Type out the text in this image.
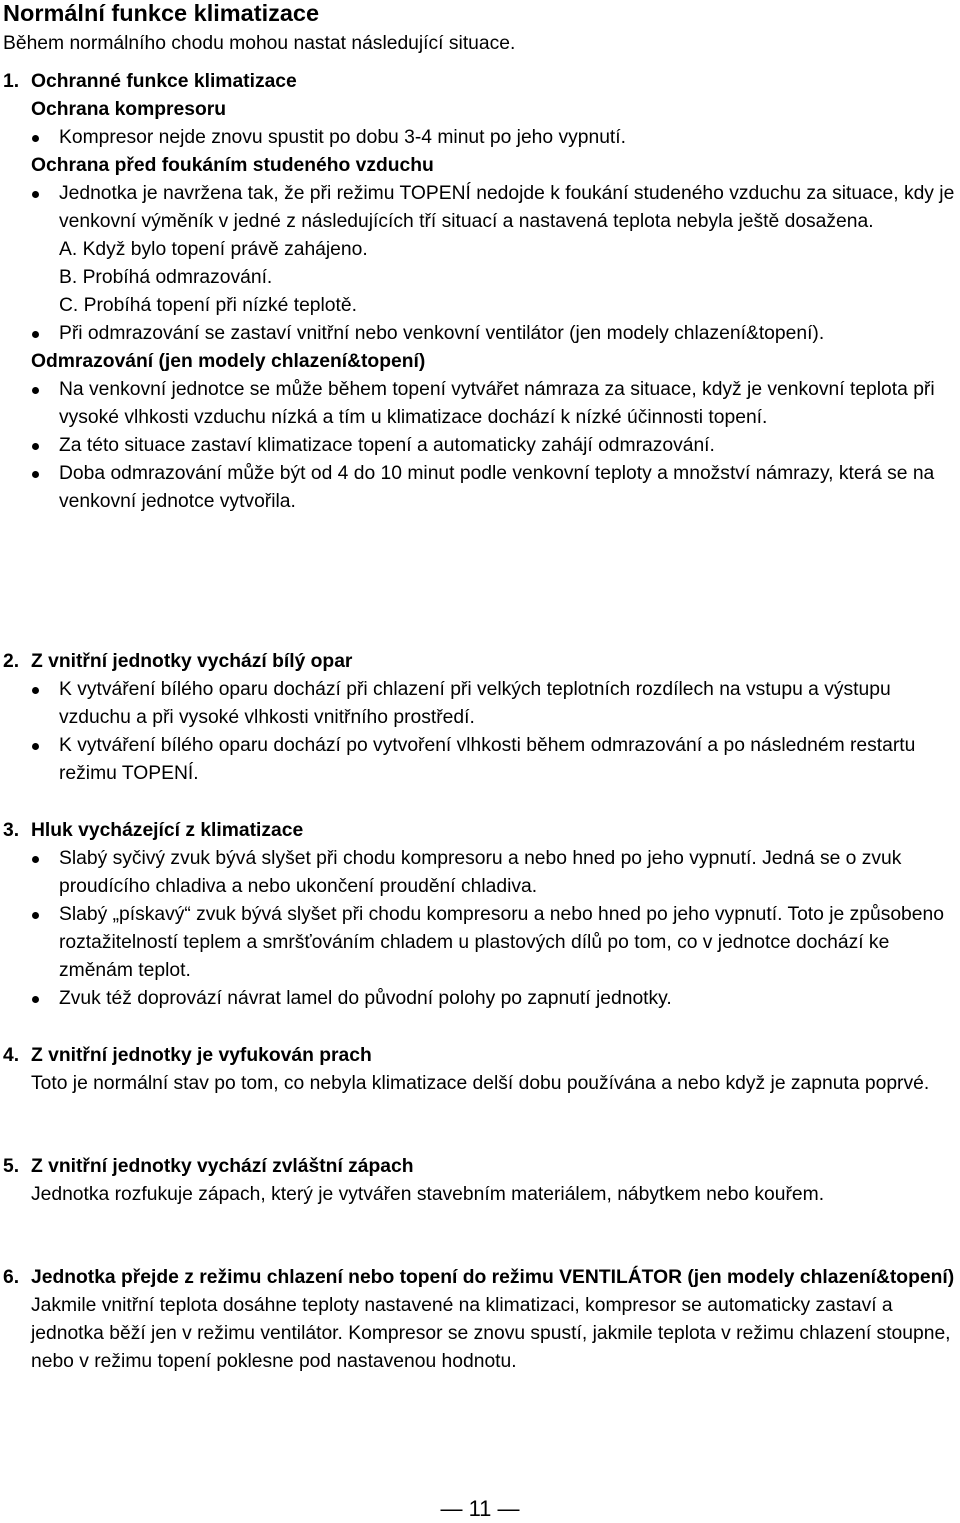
Normální funkce klimatizace

Během normálního chodu mohou nastat následující situace.

1. Ochranné funkce klimatizace

Ochrana kompresoru

Kompresor nejde znovu spustit po dobu 3-4 minut po jeho vypnutí.

Ochrana před foukáním studeného vzduchu

Jednotka je navržena tak, že při režimu TOPENÍ nedojde k foukání studeného vzduchu za situace, kdy je venkovní výměník v jedné z následujících tří situací a nastavená teplota nebyla ještě dosažena.
A. Když bylo topení právě zahájeno.
B. Probíhá odmrazování.
C. Probíhá topení při nízké teplotě.
Při odmrazování se zastaví vnitřní nebo venkovní ventilátor (jen modely chlazení&topení).

Odmrazování (jen modely chlazení&topení)

Na venkovní jednotce se může během topení vytvářet námraza za situace, když je venkovní teplota při vysoké vlhkosti vzduchu nízká a tím u klimatizace dochází k nízké účinnosti topení.
Za této situace zastaví klimatizace topení a automaticky zahájí odmrazování.
Doba odmrazování může být od 4 do 10 minut podle venkovní teploty a množství námrazy, která se na venkovní jednotce vytvořila.
2. Z vnitřní jednotky vychází bílý opar
K vytváření bílého oparu dochází při chlazení při velkých teplotních rozdílech na vstupu a výstupu vzduchu a při vysoké vlhkosti vnitřního prostředí.
K vytváření bílého oparu dochází po vytvoření vlhkosti během odmrazování a po následném restartu režimu TOPENÍ.
3. Hluk vycházející z klimatizace
Slabý syčivý zvuk bývá slyšet při chodu kompresoru a nebo hned po jeho vypnutí. Jedná se o zvuk proudícího chladiva a nebo ukončení proudění chladiva.
Slabý „pískavý“ zvuk bývá slyšet při chodu kompresoru a nebo hned po jeho vypnutí. Toto je způsobeno roztažitelností teplem a smršťováním chladem u plastových dílů po tom, co v jednotce dochází ke změnám teplot.
Zvuk též doprovází návrat lamel do původní polohy po zapnutí jednotky.
4. Z vnitřní jednotky je vyfukován prach

Toto je normální stav po tom, co nebyla klimatizace delší dobu používána a nebo když je zapnuta poprvé.

5. Z vnitřní jednotky vychází zvláštní zápach

Jednotka rozfukuje zápach, který je vytvářen stavebním materiálem, nábytkem nebo kouřem.

6. Jednotka přejde z režimu chlazení nebo topení do režimu VENTILÁTOR (jen modely chlazení&topení)

Jakmile vnitřní teplota dosáhne teploty nastavené na klimatizaci, kompresor se automaticky zastaví a jednotka běží jen v režimu ventilátor. Kompresor se znovu spustí, jakmile teplota v režimu chlazení stoupne, nebo v režimu topení poklesne pod nastavenou hodnotu.

— 11 —
